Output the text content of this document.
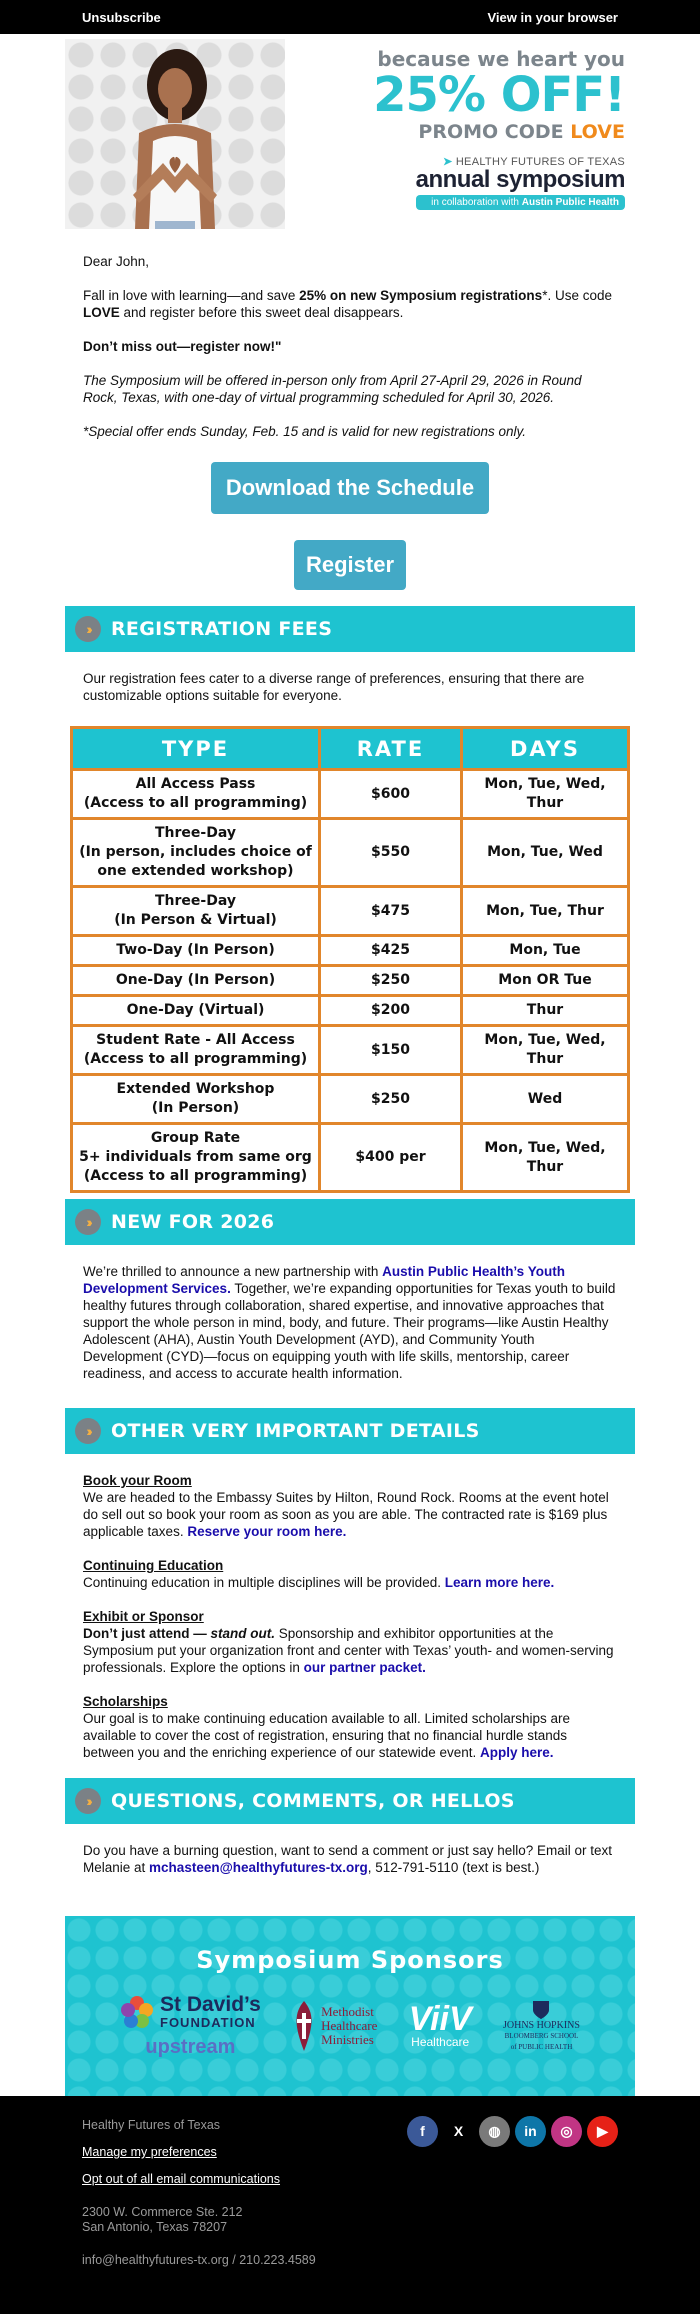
Unsubscribe	View in your browser
because we heart you
25% OFF!
PROMO CODE LOVE
➤ HEALTHY FUTURES OF TEXAS
annual symposium
in collaboration with Austin Public Health

Dear John,

Fall in love with learning—and save 25% on new Symposium registrations*. Use code LOVE and register before this sweet deal disappears.

Don’t miss out—register now!"

The Symposium will be offered in-person only from April 27-April 29, 2026 in Round Rock, Texas, with one-day of virtual programming scheduled for April 30, 2026.

*Special offer ends Sunday, Feb. 15 and is valid for new registrations only.

Download the Schedule
Register
››	REGISTRATION FEES
Our registration fees cater to a diverse range of preferences, ensuring that there are customizable options suitable for everyone.
TYPE	RATE	DAYS

All Access Pass
(Access to all programming)	$600	Mon, Tue, Wed, Thur

Three-Day
(In person, includes choice of
one extended workshop)	$550	Mon, Tue, Wed

Three-Day
(In Person & Virtual)	$475	Mon, Tue, Thur

Two-Day (In Person)	$425	Mon, Tue

One-Day (In Person)	$250	Mon OR Tue

One-Day (Virtual)	$200	Thur

Student Rate - All Access
(Access to all programming)	$150	Mon, Tue, Wed, Thur

Extended Workshop
(In Person)	$250	Wed

Group Rate
5+ individuals from same org
(Access to all programming)	$400 per	Mon, Tue, Wed, Thur
››	NEW FOR 2026
We’re thrilled to announce a new partnership with Austin Public Health’s Youth Development Services. Together, we’re expanding opportunities for Texas youth to build healthy futures through collaboration, shared expertise, and innovative approaches that support the whole person in mind, body, and future. Their programs—like Austin Healthy Adolescent (AHA), Austin Youth Development (AYD), and Community Youth Development (CYD)—focus on equipping youth with life skills, mentorship, career readiness, and access to accurate health information.
››	OTHER VERY IMPORTANT DETAILS
Book your Room
We are headed to the Embassy Suites by Hilton, Round Rock. Rooms at the event hotel do sell out so book your room as soon as you are able. The contracted rate is $169 plus applicable taxes. Reserve your room here.
Continuing Education
Continuing education in multiple disciplines will be provided. Learn more here.
Exhibit or Sponsor
Don’t just attend — stand out. Sponsorship and exhibitor opportunities at the Symposium put your organization front and center with Texas’ youth- and women-serving professionals. Explore the options in our partner packet.
Scholarships
Our goal is to make continuing education available to all. Limited scholarships are available to cover the cost of registration, ensuring that no financial hurdle stands between you and the enriching experience of our statewide event. Apply here.
››	QUESTIONS, COMMENTS, OR HELLOS
Do you have a burning question, want to send a comment or just say hello? Email or text Melanie at mchasteen@healthyfutures-tx.org, 512-791-5110 (text is best.)
Symposium Sponsors
St David’s
FOUNDATION
upstream
Methodist
Healthcare
Ministries
ViiV
Healthcare
JOHNS HOPKINS
BLOOMBERG SCHOOL
of PUBLIC HEALTH
Healthy Futures of Texas
Manage my preferences
Opt out of all email communications
2300 W. Commerce Ste. 212
San Antonio, Texas 78207
info@healthyfutures-tx.org / 210.223.4589
f	X	◍	in	◎	▶
